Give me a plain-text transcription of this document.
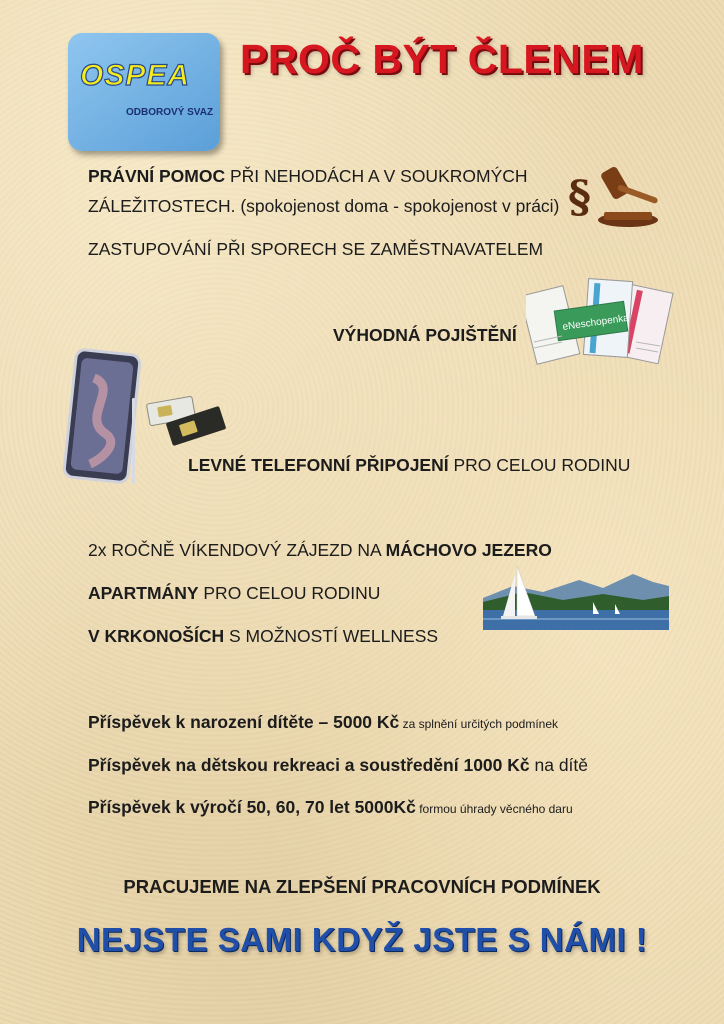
OSPEA
ODBOROVÝ SVAZ
PROČ BÝT ČLENEM
PRÁVNÍ POMOC PŘI NEHODÁCH A V SOUKROMÝCH
ZÁLEŽITOSTECH. (spokojenost doma - spokojenost v práci) §
ZASTUPOVÁNÍ PŘI SPORECH SE ZAMĚSTNAVATELEM
eNeschopenka
VÝHODNÁ POJIŠTĚNÍ
LEVNÉ TELEFONNÍ PŘIPOJENÍ PRO CELOU RODINU
2x ROČNĚ VÍKENDOVÝ ZÁJEZD NA MÁCHOVO JEZERO
APARTMÁNY PRO CELOU RODINU
V KRKONOŠÍCH S MOŽNOSTÍ WELLNESS
Příspěvek k narození dítěte – 5000 Kč za splnění určitých podmínek
Příspěvek na dětskou rekreaci a soustředění 1000 Kč na dítě
Příspěvek k výročí 50, 60, 70 let 5000Kč formou úhrady věcného daru
PRACUJEME NA ZLEPŠENÍ PRACOVNÍCH PODMÍNEK
NEJSTE SAMI KDYŽ JSTE S NÁMI !
